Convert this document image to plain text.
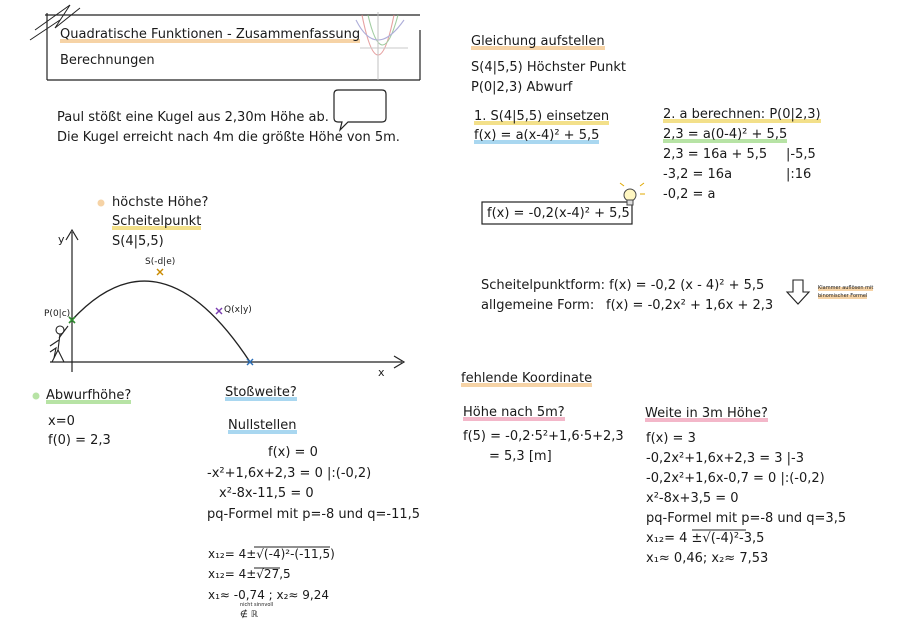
Quadratische Funktionen - Zusammenfassung
Berechnungen
Paul stößt eine Kugel aus 2,30m Höhe ab.
Die Kugel erreicht nach 4m die größte Höhe von 5m.
höchste Höhe?
Scheitelpunkt
S(4|5,5)
y
x
P(0|c)
S(-d|e)
Q(x|y)
Abwurfhöhe?
x=0
f(0) = 2,3
Stoßweite?
Nullstellen
f(x) = 0
-x²+1,6x+2,3 = 0 |:(-0,2)
x²-8x-11,5 = 0
pq-Formel mit p=-8 und q=-11,5
x₁₂= 4±√(-4)²-(-11,5)
x₁₂= 4±√27,5
x₁≈ -0,74 ; x₂≈ 9,24
nicht sinnvoll
∉ ℝ
Gleichung aufstellen
S(4|5,5) Höchster Punkt
P(0|2,3) Abwurf
1. S(4|5,5) einsetzen
f(x) = a(x-4)² + 5,5
2. a berechnen: P(0|2,3)
2,3 = a(0-4)² + 5,5
2,3 = 16a + 5,5
-3,2 = 16a
-0,2 = a
|-5,5
|:16
f(x) = -0,2(x-4)² + 5,5
Scheitelpunktform: f(x) = -0,2 (x - 4)² + 5,5
allgemeine Form: f(x) = -0,2x² + 1,6x + 2,3
Klammer auflösen mit
binomischer Formel
fehlende Koordinate
Höhe nach 5m?
f(5) = -0,2·5²+1,6·5+2,3
= 5,3 [m]
Weite in 3m Höhe?
f(x) = 3
-0,2x²+1,6x+2,3 = 3 |-3
-0,2x²+1,6x-0,7 = 0 |:(-0,2)
x²-8x+3,5 = 0
pq-Formel mit p=-8 und q=3,5
x₁₂= 4 ±√(-4)²-3,5
x₁≈ 0,46; x₂≈ 7,53
